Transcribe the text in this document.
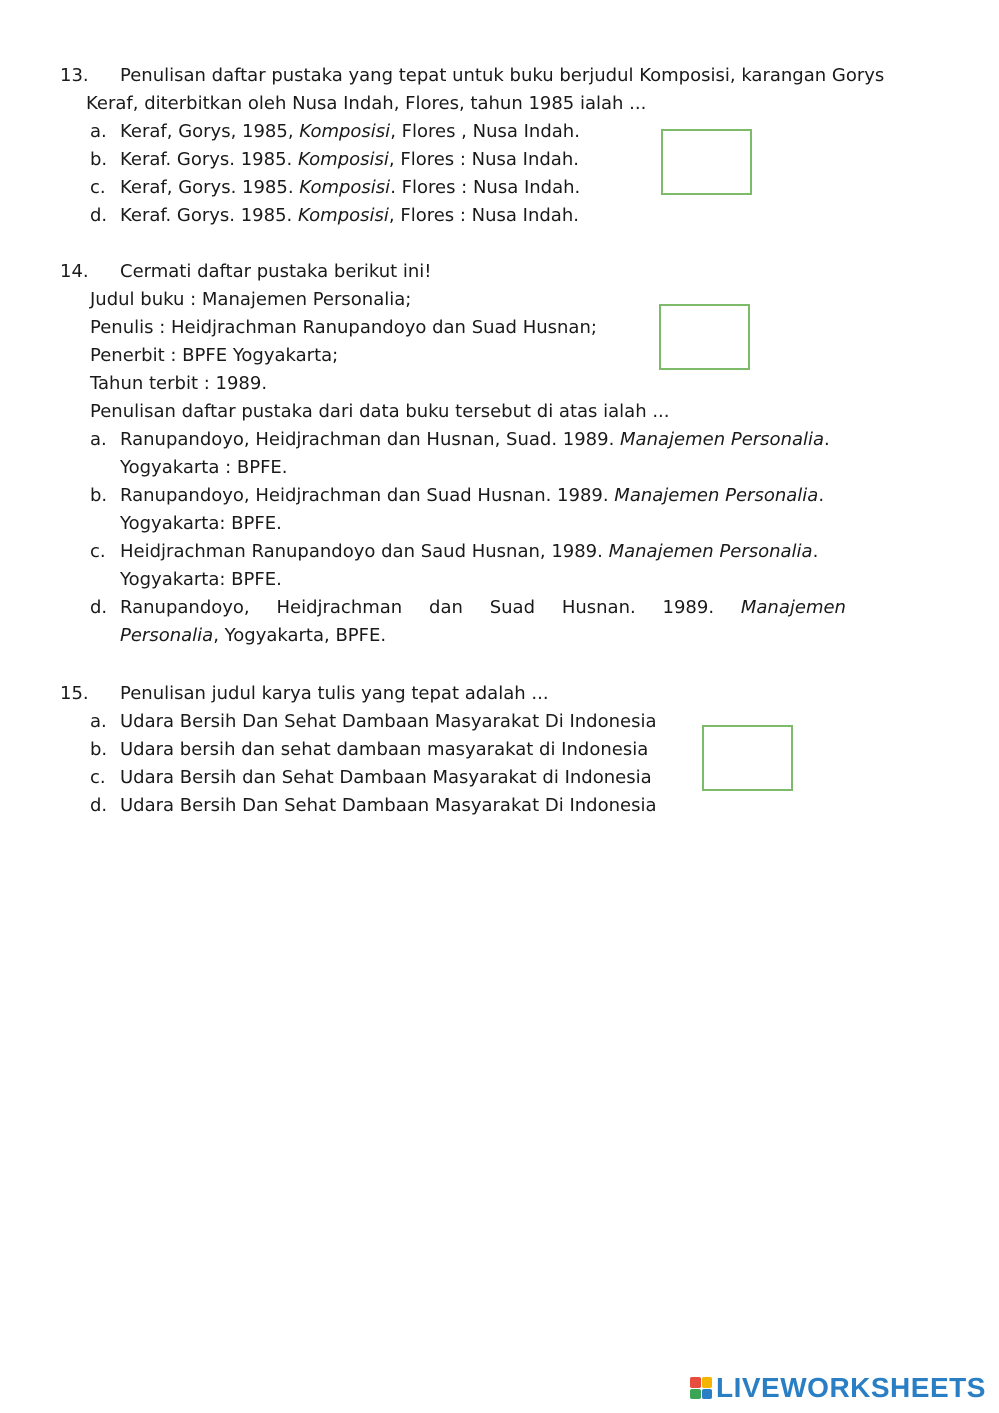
13. Penulisan daftar pustaka yang tepat untuk buku berjudul Komposisi, karangan Gorys
Keraf, diterbitkan oleh Nusa Indah, Flores, tahun 1985 ialah ...
a. Keraf, Gorys, 1985, Komposisi, Flores , Nusa Indah.
b. Keraf. Gorys. 1985. Komposisi, Flores : Nusa Indah.
c. Keraf, Gorys. 1985. Komposisi. Flores : Nusa Indah.
d. Keraf. Gorys. 1985. Komposisi, Flores : Nusa Indah.
14. Cermati daftar pustaka berikut ini!
Judul buku : Manajemen Personalia;
Penulis : Heidjrachman Ranupandoyo dan Suad Husnan;
Penerbit : BPFE Yogyakarta;
Tahun terbit : 1989.
Penulisan daftar pustaka dari data buku tersebut di atas ialah ...
a. Ranupandoyo, Heidjrachman dan Husnan, Suad. 1989. Manajemen Personalia.
Yogyakarta : BPFE.
b. Ranupandoyo, Heidjrachman dan Suad Husnan. 1989. Manajemen Personalia.
Yogyakarta: BPFE.
c. Heidjrachman Ranupandoyo dan Saud Husnan, 1989. Manajemen Personalia.
Yogyakarta: BPFE.
d. Ranupandoyo, Heidjrachman dan Suad Husnan. 1989. Manajemen
Personalia, Yogyakarta, BPFE.
15. Penulisan judul karya tulis yang tepat adalah ...
a. Udara Bersih Dan Sehat Dambaan Masyarakat Di Indonesia
b. Udara bersih dan sehat dambaan masyarakat di Indonesia
c. Udara Bersih dan Sehat Dambaan Masyarakat di Indonesia
d. Udara Bersih Dan Sehat Dambaan Masyarakat Di Indonesia
LIVEWORKSHEETS
